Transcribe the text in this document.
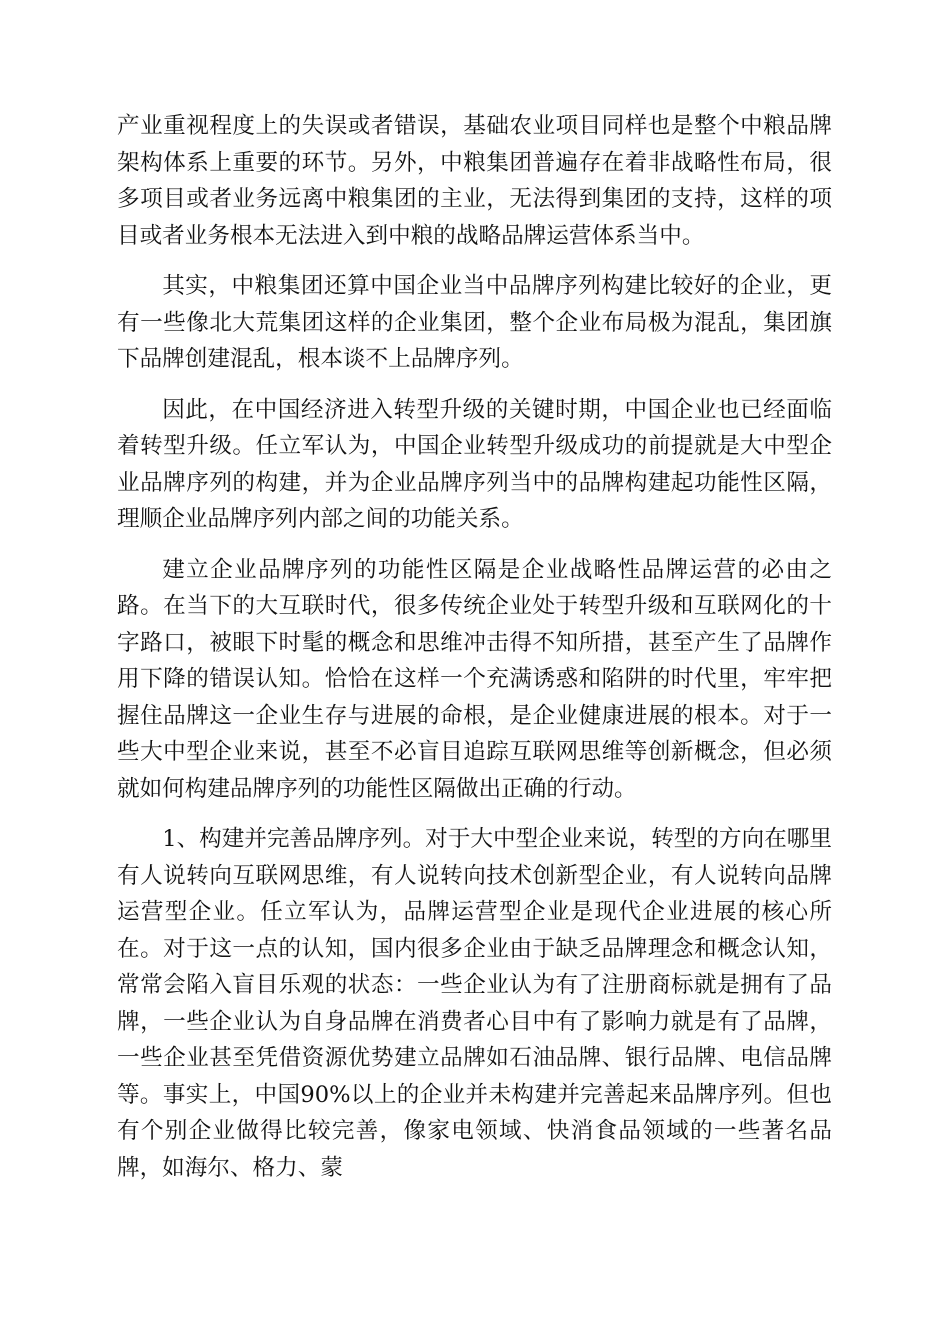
产业重视程度上的失误或者错误，基础农业项目同样也是整个中粮品牌架构体系上重要的环节。另外，中粮集团普遍存在着非战略性布局，很多项目或者业务远离中粮集团的主业，无法得到集团的支持，这样的项目或者业务根本无法进入到中粮的战略品牌运营体系当中。

其实，中粮集团还算中国企业当中品牌序列构建比较好的企业，更有一些像北大荒集团这样的企业集团，整个企业布局极为混乱，集团旗下品牌创建混乱，根本谈不上品牌序列。

因此，在中国经济进入转型升级的关键时期，中国企业也已经面临着转型升级。任立军认为，中国企业转型升级成功的前提就是大中型企业品牌序列的构建，并为企业品牌序列当中的品牌构建起功能性区隔，理顺企业品牌序列内部之间的功能关系。

建立企业品牌序列的功能性区隔是企业战略性品牌运营的必由之路。在当下的大互联时代，很多传统企业处于转型升级和互联网化的十字路口，被眼下时髦的概念和思维冲击得不知所措，甚至产生了品牌作用下降的错误认知。恰恰在这样一个充满诱惑和陷阱的时代里，牢牢把握住品牌这一企业生存与进展的命根，是企业健康进展的根本。对于一些大中型企业来说，甚至不必盲目追踪互联网思维等创新概念，但必须就如何构建品牌序列的功能性区隔做出正确的行动。

1、构建并完善品牌序列。对于大中型企业来说，转型的方向在哪里有人说转向互联网思维，有人说转向技术创新型企业，有人说转向品牌运营型企业。任立军认为，品牌运营型企业是现代企业进展的核心所在。对于这一点的认知，国内很多企业由于缺乏品牌理念和概念认知，常常会陷入盲目乐观的状态：一些企业认为有了注册商标就是拥有了品牌，一些企业认为自身品牌在消费者心目中有了影响力就是有了品牌，一些企业甚至凭借资源优势建立品牌如石油品牌、银行品牌、电信品牌等。事实上，中国90%以上的企业并未构建并完善起来品牌序列。但也有个别企业做得比较完善，像家电领域、快消食品领域的一些著名品牌，如海尔、格力、蒙
